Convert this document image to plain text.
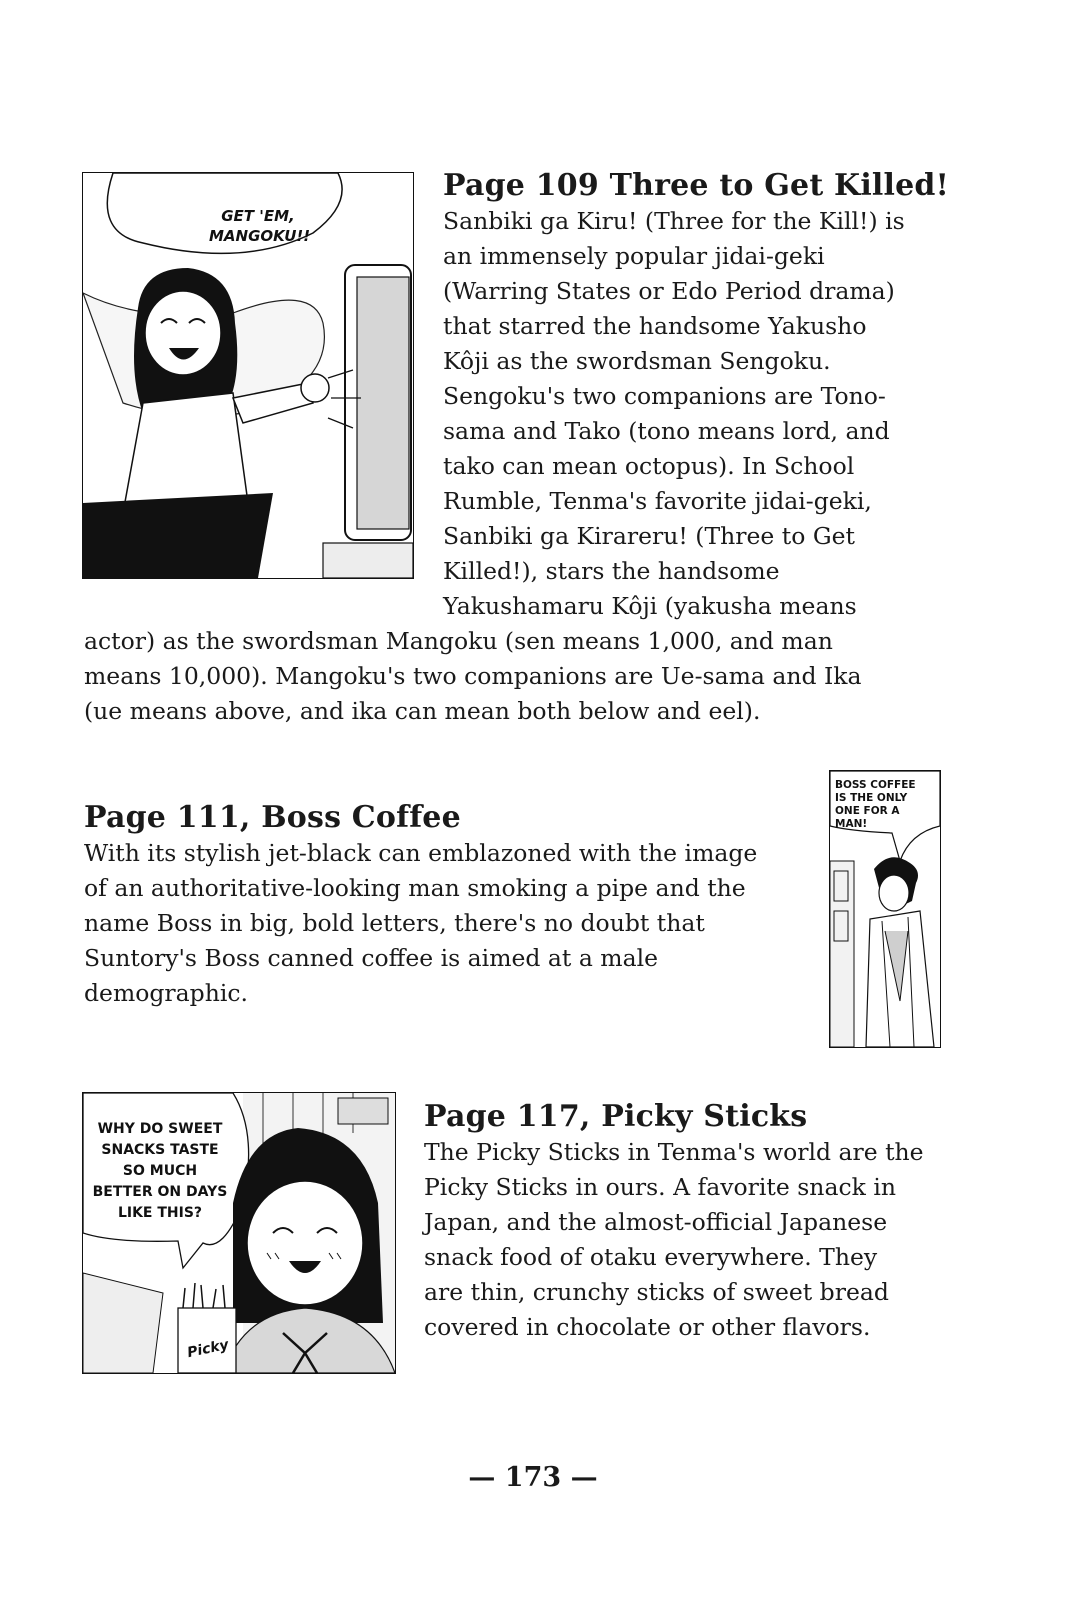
GET 'EM, MANGOKU!!
Page 109 Three to Get Killed!
Sanbiki ga Kiru! (Three for the Kill!) is
an immensely popular jidai-geki
(Warring States or Edo Period drama)
that starred the handsome Yakusho
Kôji as the swordsman Sengoku.
Sengoku's two companions are Tono-
sama and Tako (tono means lord, and
tako can mean octopus). In School
Rumble, Tenma's favorite jidai-geki,
Sanbiki ga Kirareru! (Three to Get
Killed!), stars the handsome
Yakushamaru Kôji (yakusha means
actor) as the swordsman Mangoku (sen means 1,000, and man
means 10,000). Mangoku's two companions are Ue-sama and Ika
(ue means above, and ika can mean both below and eel).
Page 111, Boss Coffee
With its stylish jet-black can emblazoned with the image
of an authoritative-looking man smoking a pipe and the
name Boss in big, bold letters, there's no doubt that
Suntory's Boss canned coffee is aimed at a male
demographic.
BOSS COFFEE IS THE ONLY ONE FOR A MAN!
WHY DO SWEET SNACKS TASTE SO MUCH BETTER ON DAYS LIKE THIS?
Picky
Page 117, Picky Sticks
The Picky Sticks in Tenma's world are the
Picky Sticks in ours. A favorite snack in
Japan, and the almost-official Japanese
snack food of otaku everywhere. They
are thin, crunchy sticks of sweet bread
covered in chocolate or other flavors.
— 173 —
